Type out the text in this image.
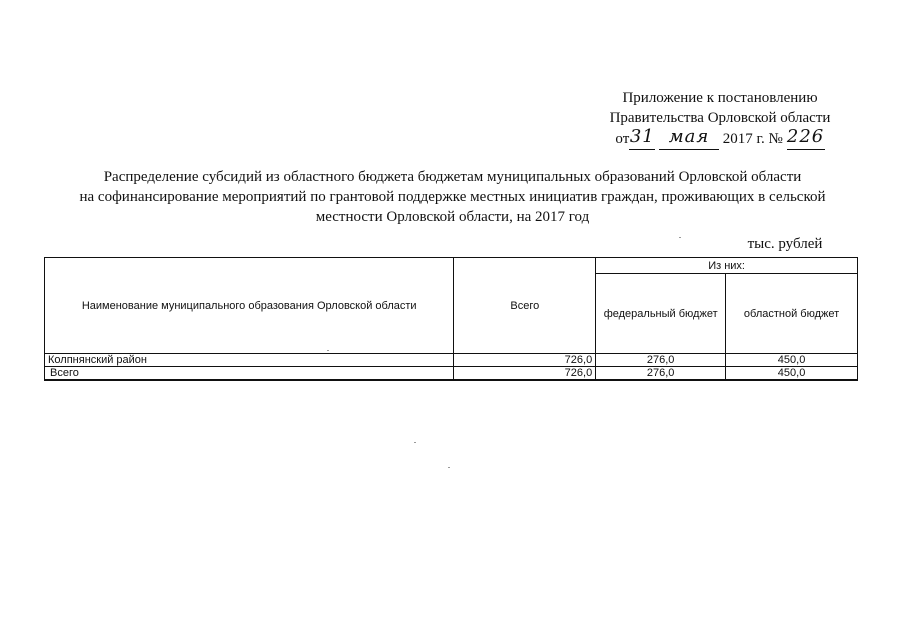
Приложение к постановлению
Правительства Орловской области
от31 мая 2017 г. № 226
Распределение субсидий из областного бюджета бюджетам муниципальных образований Орловской области
на софинансирование мероприятий по грантовой поддержке местных инициатив граждан, проживающих в сельской
местности Орловской области, на 2017 год
тыс. рублей
Наименование муниципального образования Орловской области	Всего	Из них:	
		федеральный бюджет	областной бюджет
Колпнянский район	726,0	276,0	450,0
Всего	726,0	276,0	450,0
